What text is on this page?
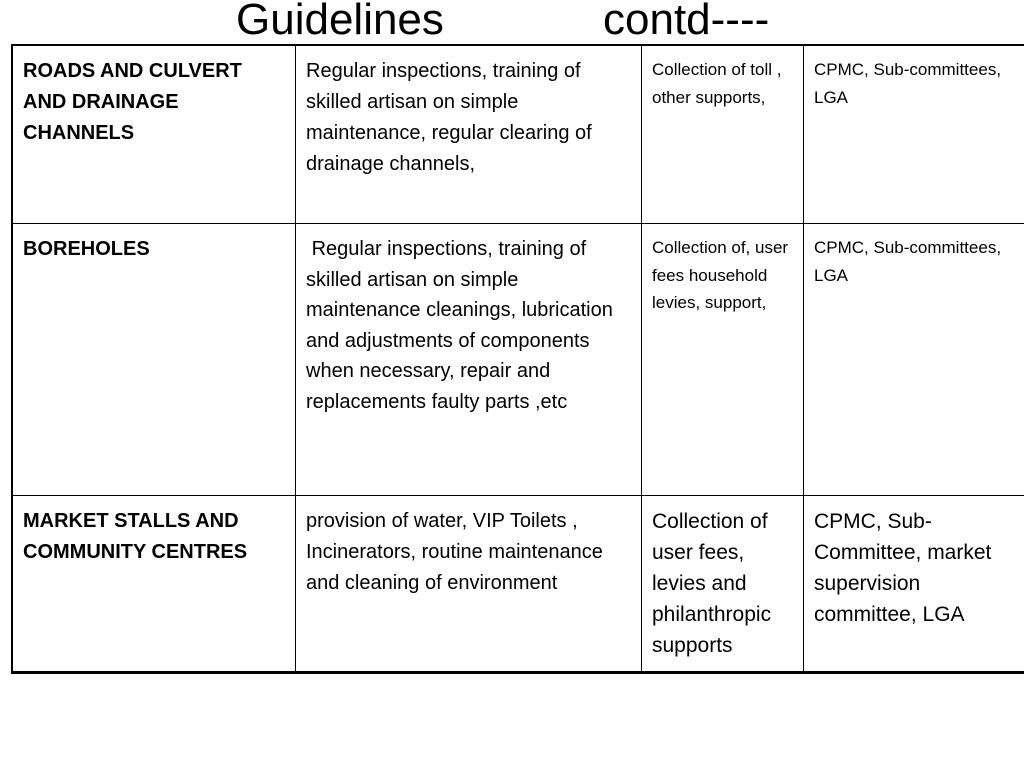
Guidelines	contd----
ROADS AND CULVERT AND DRAINAGE CHANNELS
Regular inspections, training of skilled artisan on simple maintenance, regular clearing of drainage channels,
Collection of toll , other supports,
CPMC, Sub-committees,
LGA
BOREHOLES	Regular inspections, training of skilled artisan on simple maintenance cleanings, lubrication and adjustments of components when necessary, repair and replacements faulty parts ,etc
Collection of, user fees household levies, support,
CPMC, Sub-committees,
LGA
MARKET STALLS AND COMMUNITY CENTRES
provision of water, VIP Toilets , Incinerators, routine maintenance and cleaning of environment
Collection of user fees, levies and philanthropic supports
CPMC, Sub-Committee, market supervision committee, LGA
